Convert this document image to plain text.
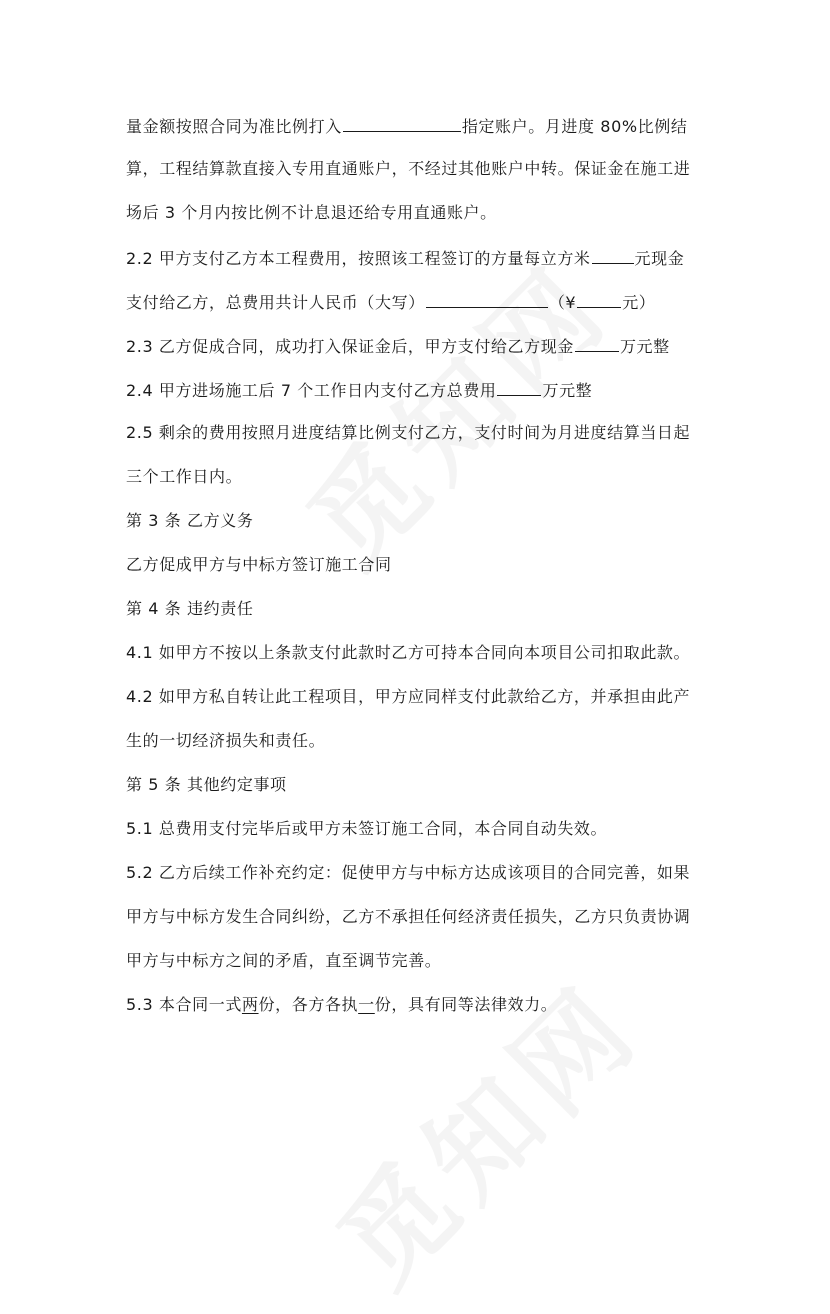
量金额按照合同为准比例打入	指定账户。月进度 80%比例结
算，工程结算款直接入专用直通账户，不经过其他账户中转。保证金在施工进
场后 3 个月内按比例不计息退还给专用直通账户。
2.2 甲方支付乙方本工程费用，按照该工程签订的方量每立方米	元现金
支付给乙方，总费用共计人民币（大写）	（¥	元）
2.3 乙方促成合同，成功打入保证金后，甲方支付给乙方现金	万元整
2.4 甲方进场施工后 7 个工作日内支付乙方总费用	万元整
2.5 剩余的费用按照月进度结算比例支付乙方，支付时间为月进度结算当日起
三个工作日内。
第 3 条 乙方义务
乙方促成甲方与中标方签订施工合同
第 4 条 违约责任
4.1 如甲方不按以上条款支付此款时乙方可持本合同向本项目公司扣取此款。
4.2 如甲方私自转让此工程项目，甲方应同样支付此款给乙方，并承担由此产
生的一切经济损失和责任。
第 5 条 其他约定事项
5.1 总费用支付完毕后或甲方未签订施工合同，本合同自动失效。
5.2 乙方后续工作补充约定：促使甲方与中标方达成该项目的合同完善，如果
甲方与中标方发生合同纠纷，乙方不承担任何经济责任损失，乙方只负责协调
甲方与中标方之间的矛盾，直至调节完善。
5.3 本合同一式两份，各方各执一份，具有同等法律效力。
